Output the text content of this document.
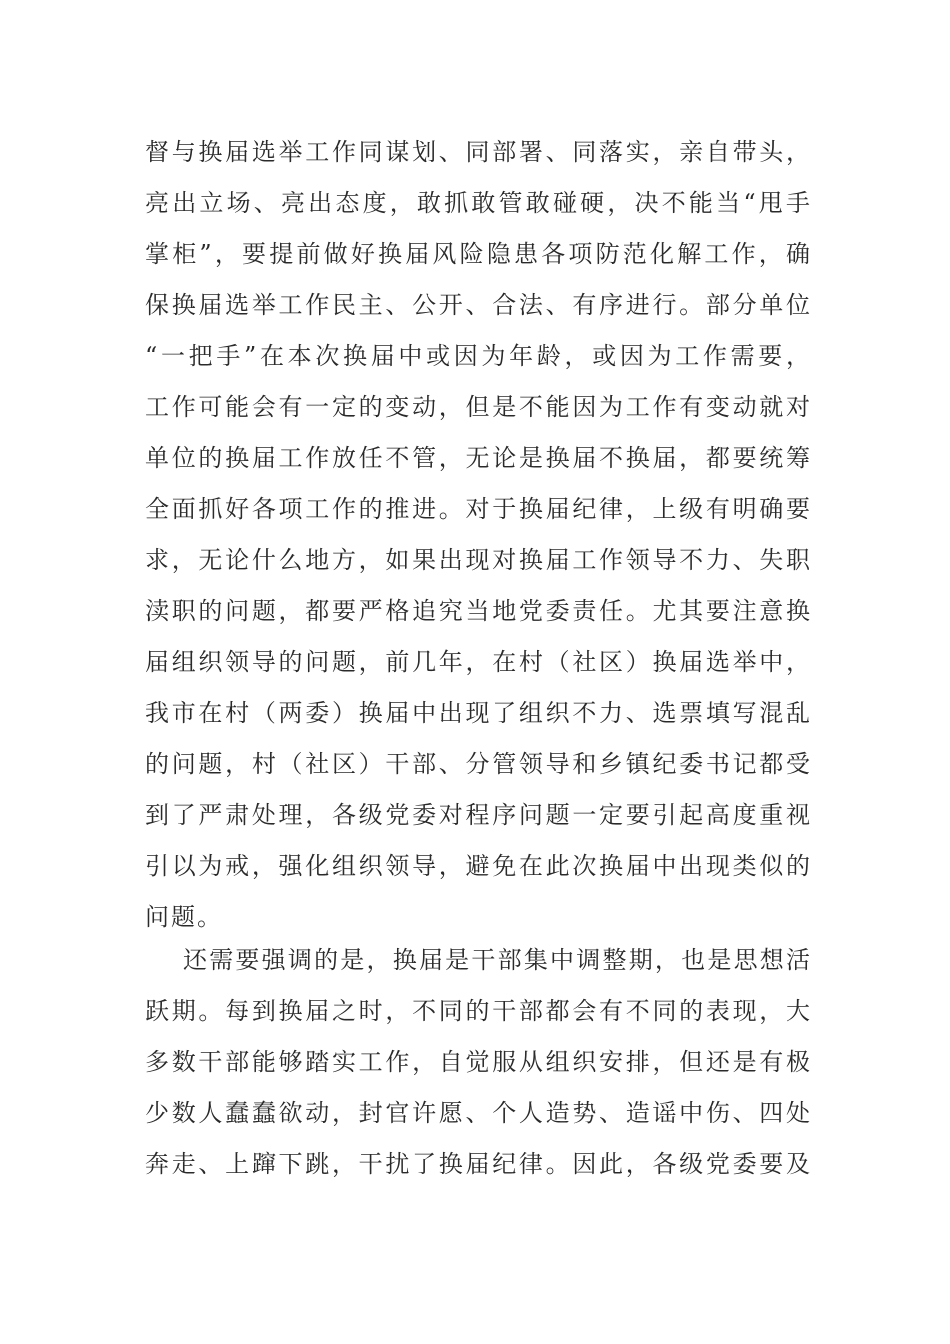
督与换届选举工作同谋划、同部署、同落实，亲自带头，
亮出立场、亮出态度，敢抓敢管敢碰硬，决不能当“甩手
掌柜”，要提前做好换届风险隐患各项防范化解工作，确
保换届选举工作民主、公开、合法、有序进行。部分单位
“一把手”在本次换届中或因为年龄，或因为工作需要，
工作可能会有一定的变动，但是不能因为工作有变动就对
单位的换届工作放任不管，无论是换届不换届，都要统筹
全面抓好各项工作的推进。对于换届纪律，上级有明确要
求，无论什么地方，如果出现对换届工作领导不力、失职
渎职的问题，都要严格追究当地党委责任。尤其要注意换
届组织领导的问题，前几年，在村（社区）换届选举中，
我市在村（两委）换届中出现了组织不力、选票填写混乱
的问题，村（社区）干部、分管领导和乡镇纪委书记都受
到了严肃处理，各级党委对程序问题一定要引起高度重视
引以为戒，强化组织领导，避免在此次换届中出现类似的
问题。
还需要强调的是，换届是干部集中调整期，也是思想活
跃期。每到换届之时，不同的干部都会有不同的表现，大
多数干部能够踏实工作，自觉服从组织安排，但还是有极
少数人蠢蠢欲动，封官许愿、个人造势、造谣中伤、四处
奔走、上蹿下跳，干扰了换届纪律。因此，各级党委要及
